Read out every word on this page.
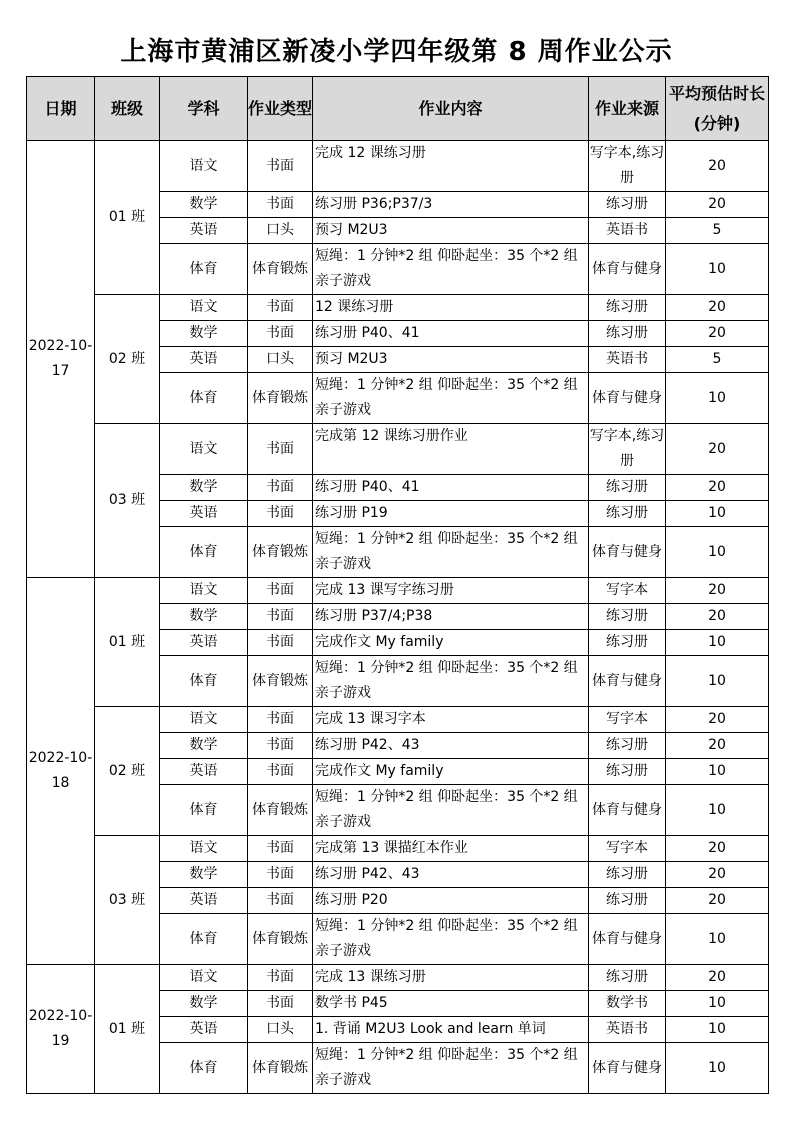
上海市黄浦区新凌小学四年级第 8 周作业公示
日期	班级	学科	作业类型	作业内容	作业来源	平均预估时长(分钟)
2022-10-17	01 班	语文	书面	完成 12 课练习册	写字本,练习册	20
		数学	书面	练习册 P36;P37/3	练习册	20
		英语	口头	预习 M2U3	英语书	5
		体育	体育锻炼	短绳：1 分钟*2 组 仰卧起坐：35 个*2 组亲子游戏	体育与健身	10
	02 班	语文	书面	12 课练习册	练习册	20
		数学	书面	练习册 P40、41	练习册	20
		英语	口头	预习 M2U3	英语书	5
		体育	体育锻炼	短绳：1 分钟*2 组 仰卧起坐：35 个*2 组亲子游戏	体育与健身	10
	03 班	语文	书面	完成第 12 课练习册作业	写字本,练习册	20
		数学	书面	练习册 P40、41	练习册	20
		英语	书面	练习册 P19	练习册	10
		体育	体育锻炼	短绳：1 分钟*2 组 仰卧起坐：35 个*2 组亲子游戏	体育与健身	10
2022-10-18	01 班	语文	书面	完成 13 课写字练习册	写字本	20
		数学	书面	练习册 P37/4;P38	练习册	20
		英语	书面	完成作文 My family	练习册	10
		体育	体育锻炼	短绳：1 分钟*2 组 仰卧起坐：35 个*2 组亲子游戏	体育与健身	10
	02 班	语文	书面	完成 13 课习字本	写字本	20
		数学	书面	练习册 P42、43	练习册	20
		英语	书面	完成作文 My family	练习册	10
		体育	体育锻炼	短绳：1 分钟*2 组 仰卧起坐：35 个*2 组亲子游戏	体育与健身	10
	03 班	语文	书面	完成第 13 课描红本作业	写字本	20
		数学	书面	练习册 P42、43	练习册	20
		英语	书面	练习册 P20	练习册	20
		体育	体育锻炼	短绳：1 分钟*2 组 仰卧起坐：35 个*2 组亲子游戏	体育与健身	10
2022-10-19	01 班	语文	书面	完成 13 课练习册	练习册	20
		数学	书面	数学书 P45	数学书	10
		英语	口头	1. 背诵 M2U3 Look and learn 单词	英语书	10
		体育	体育锻炼	短绳：1 分钟*2 组 仰卧起坐：35 个*2 组亲子游戏	体育与健身	10
